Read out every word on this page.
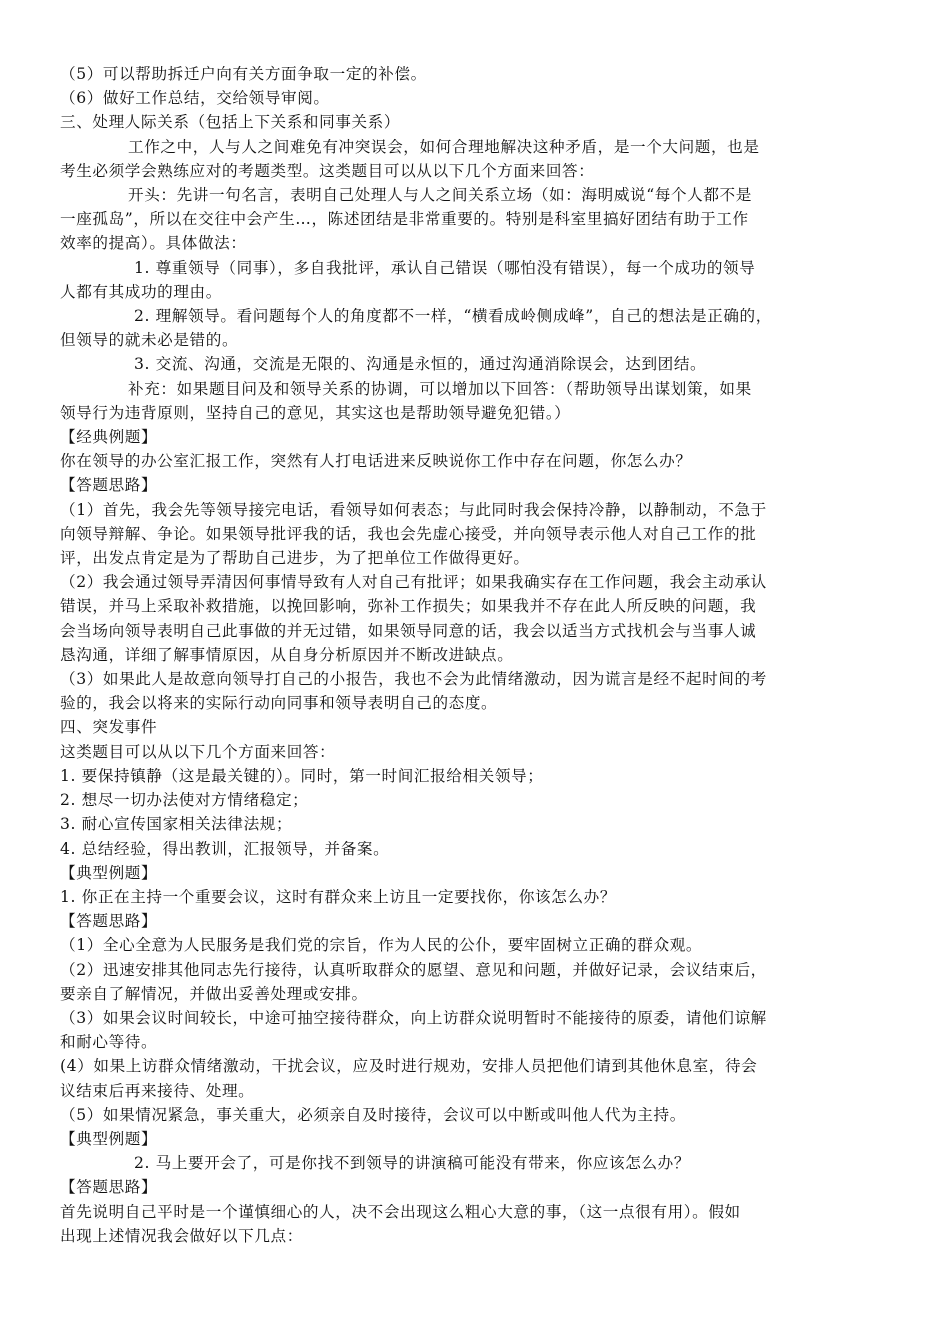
（5）可以帮助拆迁户向有关方面争取一定的补偿。

（6）做好工作总结，交给领导审阅。

三、处理人际关系（包括上下关系和同事关系）

工作之中，人与人之间难免有冲突误会，如何合理地解决这种矛盾，是一个大问题，也是

考生必须学会熟练应对的考题类型。这类题目可以从以下几个方面来回答：

开头：先讲一句名言，表明自己处理人与人之间关系立场（如：海明威说“每个人都不是

一座孤岛”，所以在交往中会产生…，陈述团结是非常重要的。特别是科室里搞好团结有助于工作

效率的提高）。具体做法：

1. 尊重领导（同事），多自我批评，承认自己错误（哪怕没有错误），每一个成功的领导

人都有其成功的理由。

2. 理解领导。看问题每个人的角度都不一样，“横看成岭侧成峰”，自己的想法是正确的，

但领导的就未必是错的。

3. 交流、沟通，交流是无限的、沟通是永恒的，通过沟通消除误会，达到团结。

补充：如果题目问及和领导关系的协调，可以增加以下回答：（帮助领导出谋划策，如果

领导行为违背原则，坚持自己的意见，其实这也是帮助领导避免犯错。）

【经典例题】

你在领导的办公室汇报工作，突然有人打电话进来反映说你工作中存在问题，你怎么办？

【答题思路】

（1）首先，我会先等领导接完电话，看领导如何表态；与此同时我会保持冷静，以静制动，不急于

向领导辩解、争论。如果领导批评我的话，我也会先虚心接受，并向领导表示他人对自己工作的批

评，出发点肯定是为了帮助自己进步，为了把单位工作做得更好。

（2）我会通过领导弄清因何事情导致有人对自己有批评；如果我确实存在工作问题，我会主动承认

错误，并马上采取补救措施，以挽回影响，弥补工作损失；如果我并不存在此人所反映的问题，我

会当场向领导表明自己此事做的并无过错，如果领导同意的话，我会以适当方式找机会与当事人诚

恳沟通，详细了解事情原因，从自身分析原因并不断改进缺点。

（3）如果此人是故意向领导打自己的小报告，我也不会为此情绪激动，因为谎言是经不起时间的考

验的，我会以将来的实际行动向同事和领导表明自己的态度。

四、突发事件

这类题目可以从以下几个方面来回答：

1. 要保持镇静（这是最关键的）。同时，第一时间汇报给相关领导；

2. 想尽一切办法使对方情绪稳定；

3. 耐心宣传国家相关法律法规；

4. 总结经验，得出教训，汇报领导，并备案。

【典型例题】

1. 你正在主持一个重要会议，这时有群众来上访且一定要找你，你该怎么办？

【答题思路】

（1）全心全意为人民服务是我们党的宗旨，作为人民的公仆，要牢固树立正确的群众观。

（2）迅速安排其他同志先行接待，认真听取群众的愿望、意见和问题，并做好记录，会议结束后，

要亲自了解情况，并做出妥善处理或安排。

（3）如果会议时间较长，中途可抽空接待群众，向上访群众说明暂时不能接待的原委，请他们谅解

和耐心等待。

(4）如果上访群众情绪激动，干扰会议，应及时进行规劝，安排人员把他们请到其他休息室，待会

议结束后再来接待、处理。

（5）如果情况紧急，事关重大，必须亲自及时接待，会议可以中断或叫他人代为主持。

【典型例题】

2. 马上要开会了，可是你找不到领导的讲演稿可能没有带来，你应该怎么办？

【答题思路】

首先说明自己平时是一个谨慎细心的人，决不会出现这么粗心大意的事，（这一点很有用）。假如

出现上述情况我会做好以下几点：
